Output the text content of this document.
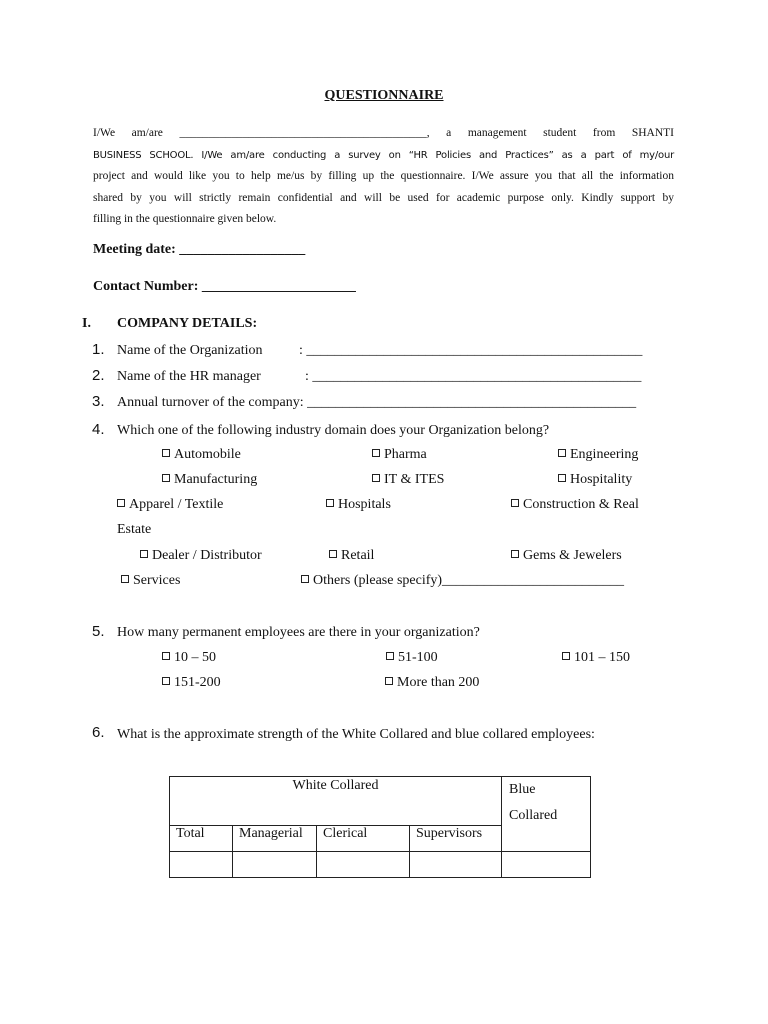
QUESTIONNAIRE

I/We am/are ___________________________________________, a management student from SHANTI

BUSINESS SCHOOL. I/We am/are conducting a survey on “HR Policies and Practices” as a part of my/our

project and would like you to help me/us by filling up the questionnaire. I/We assure you that all the information

shared by you will strictly remain confidential and will be used for academic purpose only. Kindly support by

filling in the questionnaire given below.

Meeting date: __________________
Contact Number: ______________________
I. COMPANY DETAILS:
1. Name of the Organization	: ________________________________________________
2. Name of the HR manager	: _______________________________________________
3. Annual turnover of the company: _______________________________________________
4. Which one of the following industry domain does your Organization belong?
Automobile	Pharma	Engineering
Manufacturing	IT & ITES	Hospitality
Apparel / Textile	Hospitals	Construction & Real
Estate
Dealer / Distributor	Retail	Gems & Jewelers
Services	Others (please specify)__________________________
5. How many permanent employees are there in your organization?
10 – 50	51-100	101 – 150
151-200	More than 200
6. What is the approximate strength of the White Collared and blue collared employees:
White Collared				Blue
Collared

Total	Managerial	Clerical	Supervisors	
